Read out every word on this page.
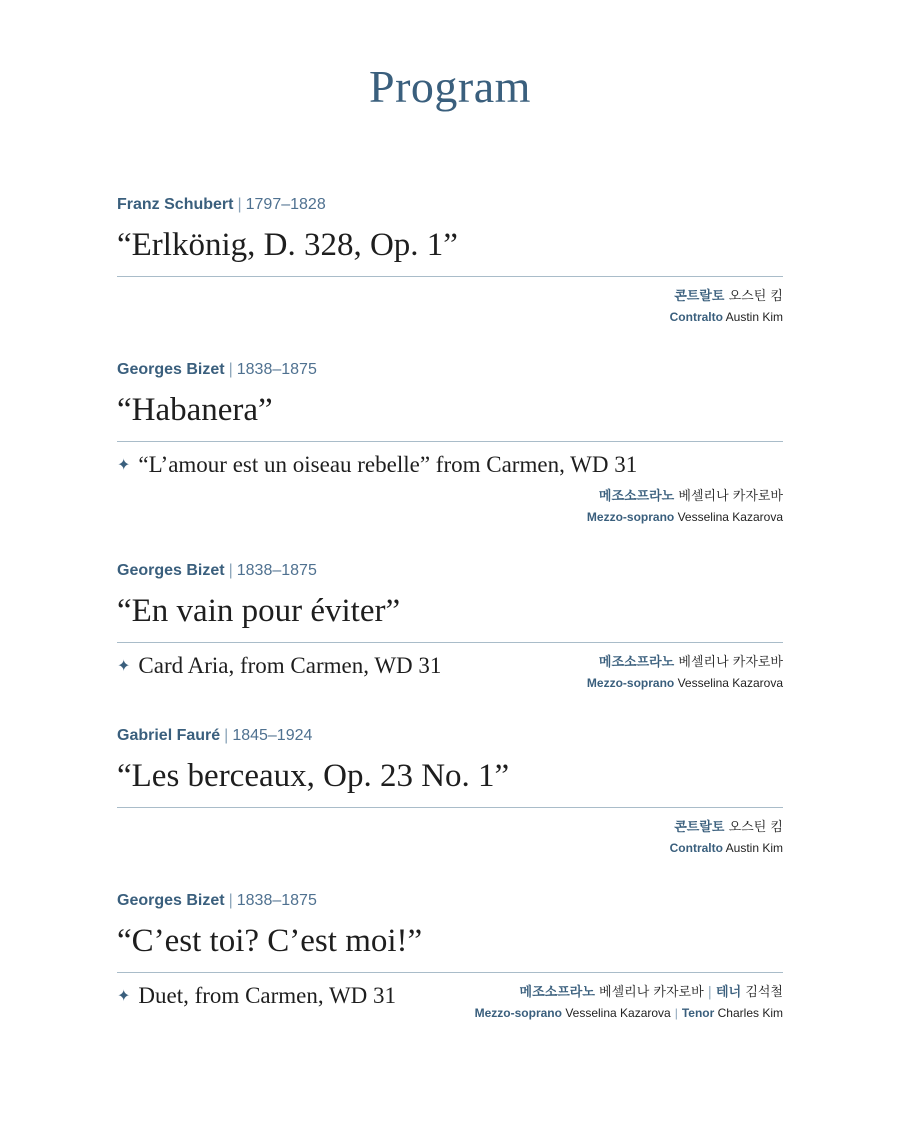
Program
Franz Schubert | 1797–1828
“Erlkönig, D. 328, Op. 1”
콘트랄토 오스틴 킴
Contralto Austin Kim
Georges Bizet | 1838–1875
“Habanera”
✦ “L’amour est un oiseau rebelle” from Carmen, WD 31
메조소프라노 베셀리나 카자로바
Mezzo-soprano Vesselina Kazarova
Georges Bizet | 1838–1875
“En vain pour éviter”
✦ Card Aria, from Carmen, WD 31	메조소프라노 베셀리나 카자로바
Mezzo-soprano Vesselina Kazarova
Gabriel Fauré | 1845–1924
“Les berceaux, Op. 23 No. 1”
콘트랄토 오스틴 킴
Contralto Austin Kim
Georges Bizet | 1838–1875
“C’est toi? C’est moi!”
✦ Duet, from Carmen, WD 31	메조소프라노 베셀리나 카자로바 | 테너 김석철
Mezzo-soprano Vesselina Kazarova | Tenor Charles Kim
